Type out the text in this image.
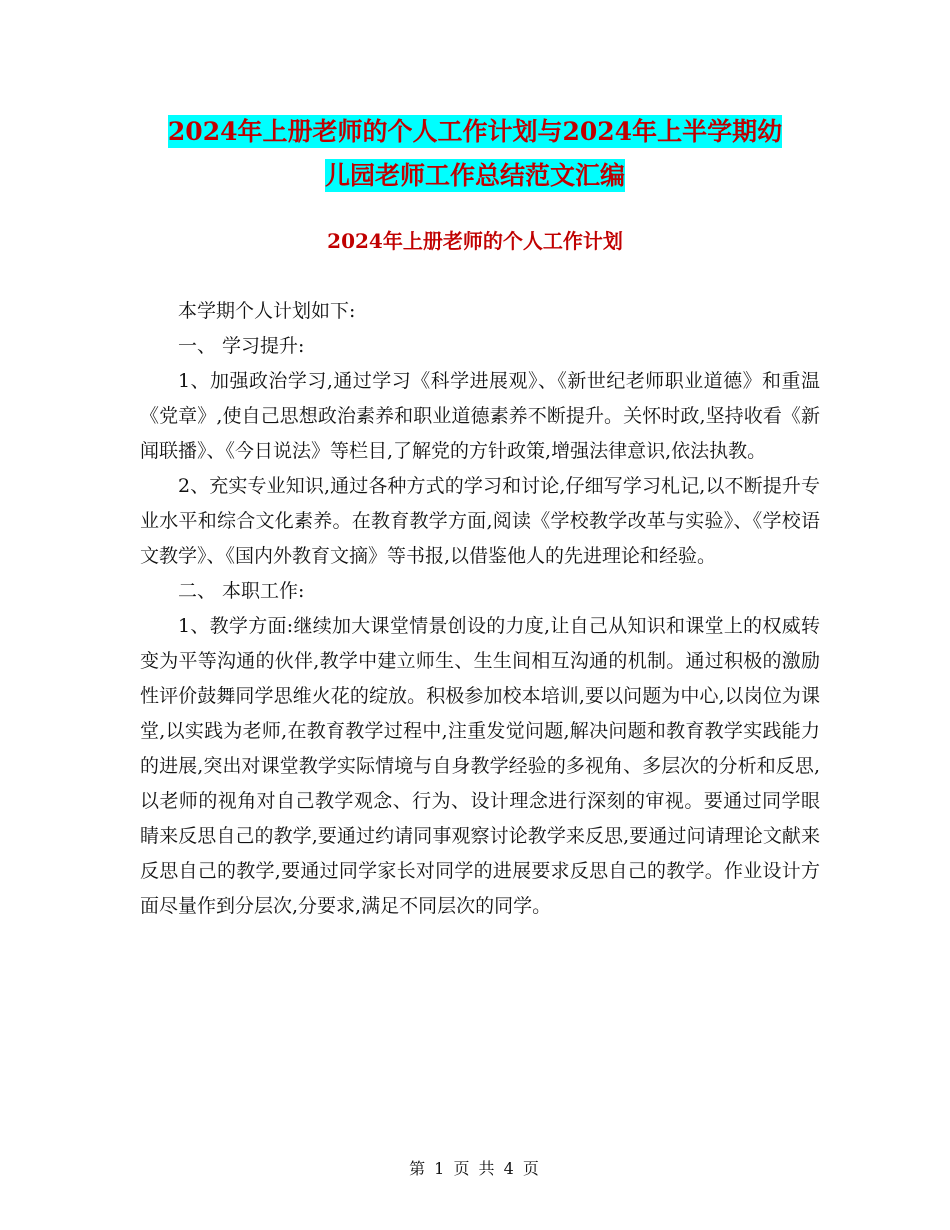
2024年上册老师的个人工作计划与2024年上半学期幼
儿园老师工作总结范文汇编
2024年上册老师的个人工作计划

本学期个人计划如下:

一、 学习提升:

1、加强政治学习,通过学习《科学进展观》、《新世纪老师职业道德》和重温《党章》,使自己思想政治素养和职业道德素养不断提升。关怀时政,坚持收看《新闻联播》、《今日说法》等栏目,了解党的方针政策,增强法律意识,依法执教。

2、充实专业知识,通过各种方式的学习和讨论,仔细写学习札记,以不断提升专业水平和综合文化素养。在教育教学方面,阅读《学校教学改革与实验》、《学校语文教学》、《国内外教育文摘》等书报,以借鉴他人的先进理论和经验。

二、 本职工作:

1、教学方面:继续加大课堂情景创设的力度,让自己从知识和课堂上的权威转变为平等沟通的伙伴,教学中建立师生、生生间相互沟通的机制。通过积极的激励性评价鼓舞同学思维火花的绽放。积极参加校本培训,要以问题为中心,以岗位为课堂,以实践为老师,在教育教学过程中,注重发觉问题,解决问题和教育教学实践能力的进展,突出对课堂教学实际情境与自身教学经验的多视角、多层次的分析和反思,以老师的视角对自己教学观念、行为、设计理念进行深刻的审视。要通过同学眼睛来反思自己的教学,要通过约请同事观察讨论教学来反思,要通过问请理论文献来反思自己的教学,要通过同学家长对同学的进展要求反思自己的教学。作业设计方面尽量作到分层次,分要求,满足不同层次的同学。

第 1 页 共 4 页
